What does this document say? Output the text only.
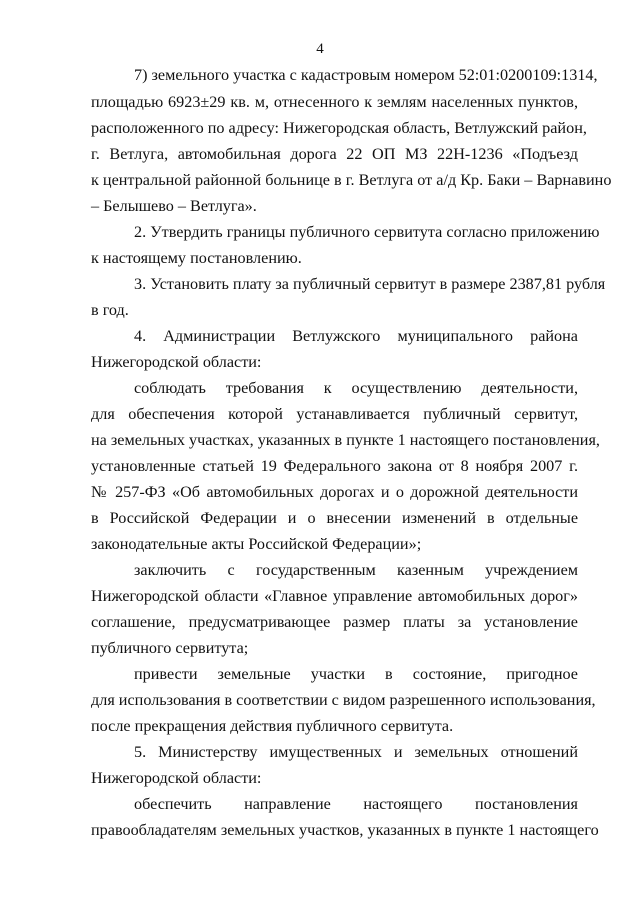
4
7) земельного участка с кадастровым номером 52:01:0200109:1314,
площадью 6923±29 кв. м, отнесенного к землям населенных пунктов,
расположенного по адресу: Нижегородская область, Ветлужский район,
г. Ветлуга, автомобильная дорога 22 ОП МЗ 22Н-1236 «Подъезд
к центральной районной больнице в г. Ветлуга от а/д Кр. Баки – Варнавино
– Белышево – Ветлуга».
2. Утвердить границы публичного сервитута согласно приложению
к настоящему постановлению.
3. Установить плату за публичный сервитут в размере 2387,81 рубля
в год.
4. Администрации Ветлужского муниципального района
Нижегородской области:
соблюдать требования к осуществлению деятельности,
для обеспечения которой устанавливается публичный сервитут,
на земельных участках, указанных в пункте 1 настоящего постановления,
установленные статьей 19 Федерального закона от 8 ноября 2007 г.
№ 257-ФЗ «Об автомобильных дорогах и о дорожной деятельности
в Российской Федерации и о внесении изменений в отдельные
законодательные акты Российской Федерации»;
заключить с государственным казенным учреждением
Нижегородской области «Главное управление автомобильных дорог»
соглашение, предусматривающее размер платы за установление
публичного сервитута;
привести земельные участки в состояние, пригодное
для использования в соответствии с видом разрешенного использования,
после прекращения действия публичного сервитута.
5. Министерству имущественных и земельных отношений
Нижегородской области:
обеспечить направление настоящего постановления
правообладателям земельных участков, указанных в пункте 1 настоящего
